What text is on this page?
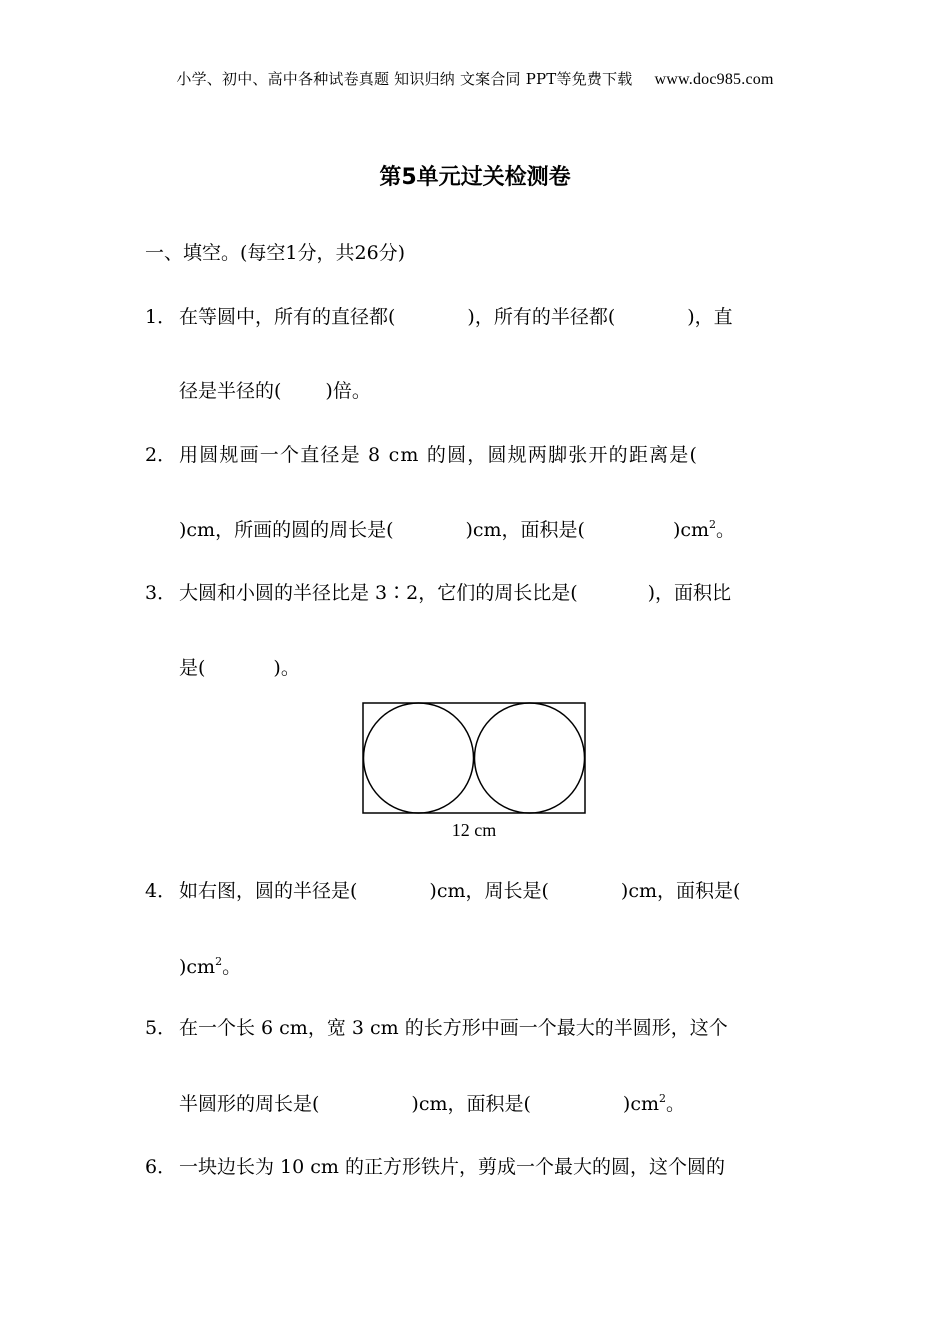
小学、初中、高中各种试卷真题 知识归纳 文案合同 PPT等免费下载 www.doc985.com
第5单元过关检测卷
一、填空。(每空1分，共26分)
1． 在等圆中，所有的直径都(	)，所有的半径都(	)，直
径是半径的( )倍。
2． 用圆规画一个直径是 8 cm 的圆，圆规两脚张开的距离是(
)cm，所画的圆的周长是(	)cm，面积是(	)$cm^2$。
3． 大圆和小圆的半径比是 3∶2，它们的周长比是(	)，面积比
是(	)。
12 cm
4． 如右图，圆的半径是(	)cm，周长是(	)cm，面积是(
)$cm^2$。
5． 在一个长 6 cm，宽 3 cm 的长方形中画一个最大的半圆形，这个
半圆形的周长是(	)cm，面积是(	)$cm^2$。
6． 一块边长为 10 cm 的正方形铁片，剪成一个最大的圆，这个圆的
